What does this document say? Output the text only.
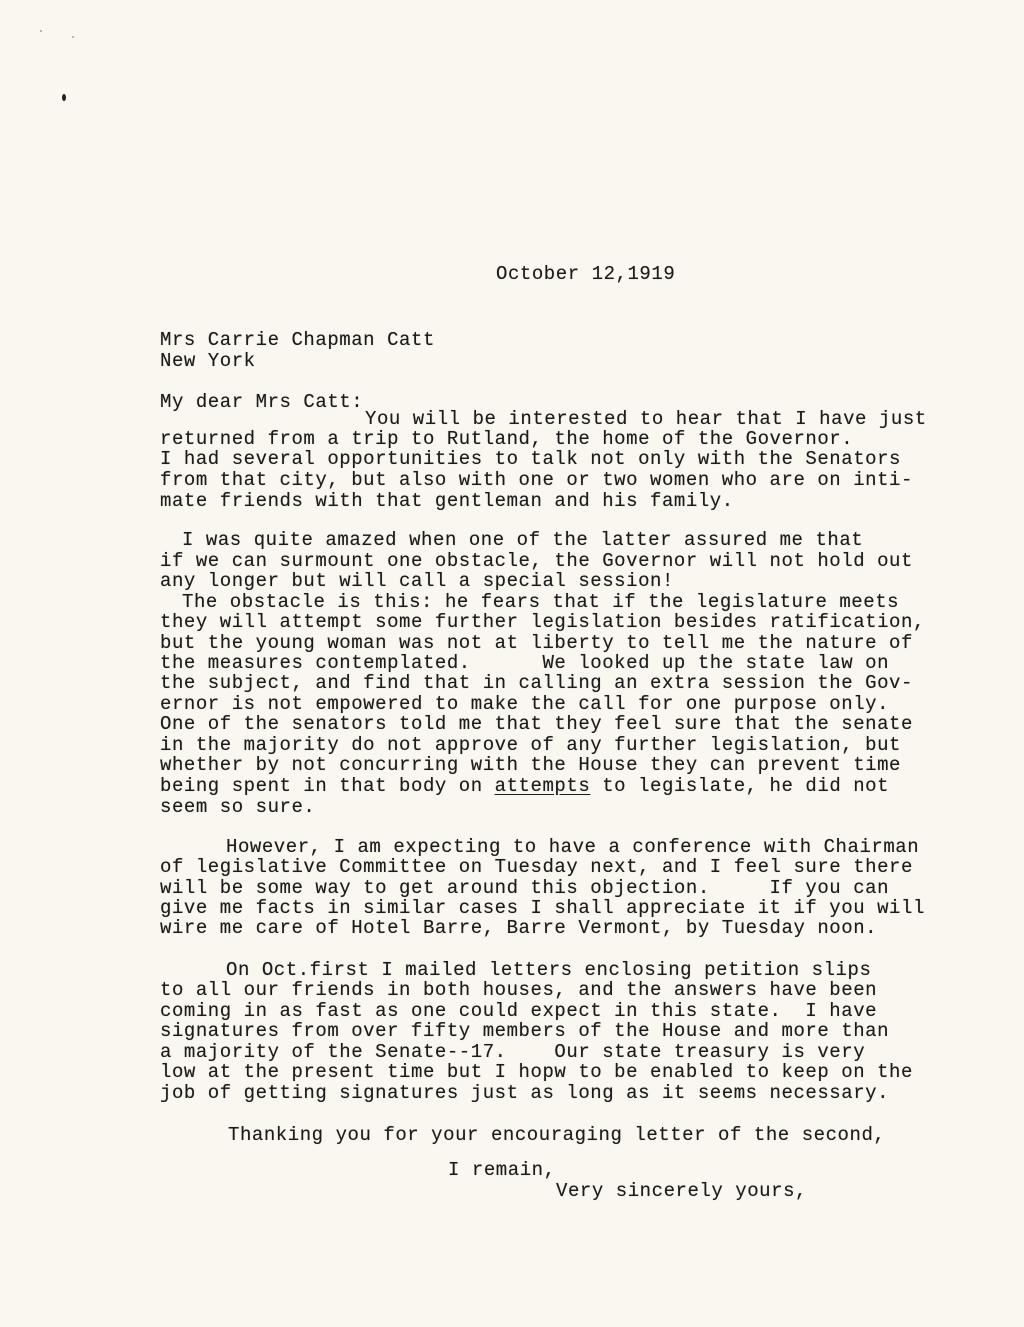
October 12,1919
Mrs Carrie Chapman Catt
New York
My dear Mrs Catt:
You will be interested to hear that I have just
returned from a trip to Rutland, the home of the Governor.
I had several opportunities to talk not only with the Senators
from that city, but also with one or two women who are on inti-
mate friends with that gentleman and his family.
I was quite amazed when one of the latter assured me that
if we can surmount one obstacle, the Governor will not hold out
any longer but will call a special session!
The obstacle is this: he fears that if the legislature meets
they will attempt some further legislation besides ratification,
but the young woman was not at liberty to tell me the nature of
the measures contemplated.      We looked up the state law on
the subject, and find that in calling an extra session the Gov-
ernor is not empowered to make the call for one purpose only.
One of the senators told me that they feel sure that the senate
in the majority do not approve of any further legislation, but
whether by not concurring with the House they can prevent time
being spent in that body on attempts to legislate, he did not
seem so sure.
However, I am expecting to have a conference with Chairman
of legislative Committee on Tuesday next, and I feel sure there
will be some way to get around this objection.     If you can
give me facts in similar cases I shall appreciate it if you will
wire me care of Hotel Barre, Barre Vermont, by Tuesday noon.
On Oct.first I mailed letters enclosing petition slips
to all our friends in both houses, and the answers have been
coming in as fast as one could expect in this state.  I have
signatures from over fifty members of the House and more than
a majority of the Senate--17.    Our state treasury is very
low at the present time but I hopw to be enabled to keep on the
job of getting signatures just as long as it seems necessary.
Thanking you for your encouraging letter of the second,
I remain,
Very sincerely yours,
